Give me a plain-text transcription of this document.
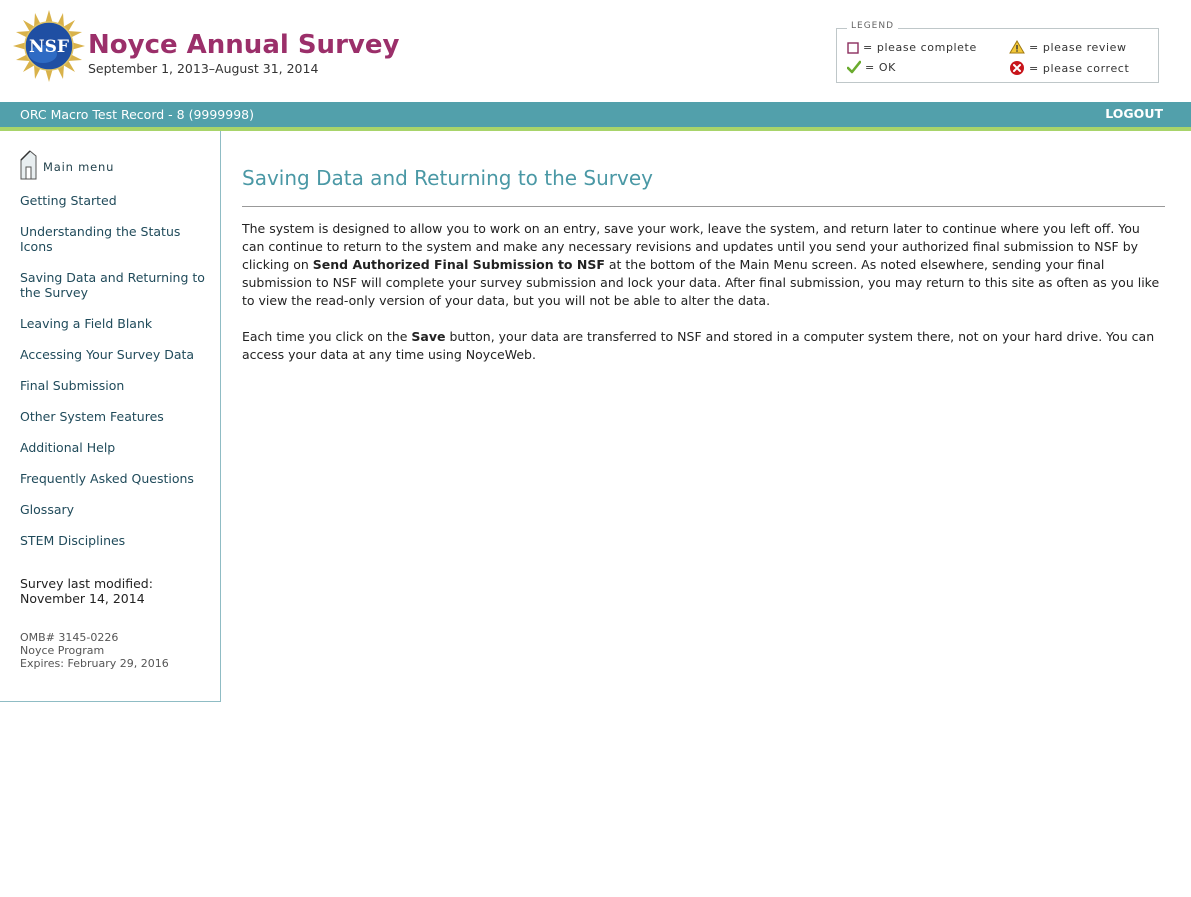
NSF Noyce Annual Survey
September 1, 2013–August 31, 2014
LEGEND
= please complete	= please review
= OK	= please correct
ORC Macro Test Record - 8 (9999998)	LOGOUT
Main menu
Getting Started
Understanding the Status Icons
Saving Data and Returning to the Survey
Leaving a Field Blank
Accessing Your Survey Data
Final Submission
Other System Features
Additional Help
Frequently Asked Questions
Glossary
STEM Disciplines
Survey last modified:
November 14, 2014
OMB# 3145-0226
Noyce Program
Expires: February 29, 2016
Saving Data and Returning to the Survey

The system is designed to allow you to work on an entry, save your work, leave the system, and return later to continue where you left off. You can continue to return to the system and make any necessary revisions and updates until you send your authorized final submission to NSF by clicking on Send Authorized Final Submission to NSF at the bottom of the Main Menu screen. As noted elsewhere, sending your final submission to NSF will complete your survey submission and lock your data. After final submission, you may return to this site as often as you like to view the read-only version of your data, but you will not be able to alter the data.

Each time you click on the Save button, your data are transferred to NSF and stored in a computer system there, not on your hard drive. You can access your data at any time using NoyceWeb.
